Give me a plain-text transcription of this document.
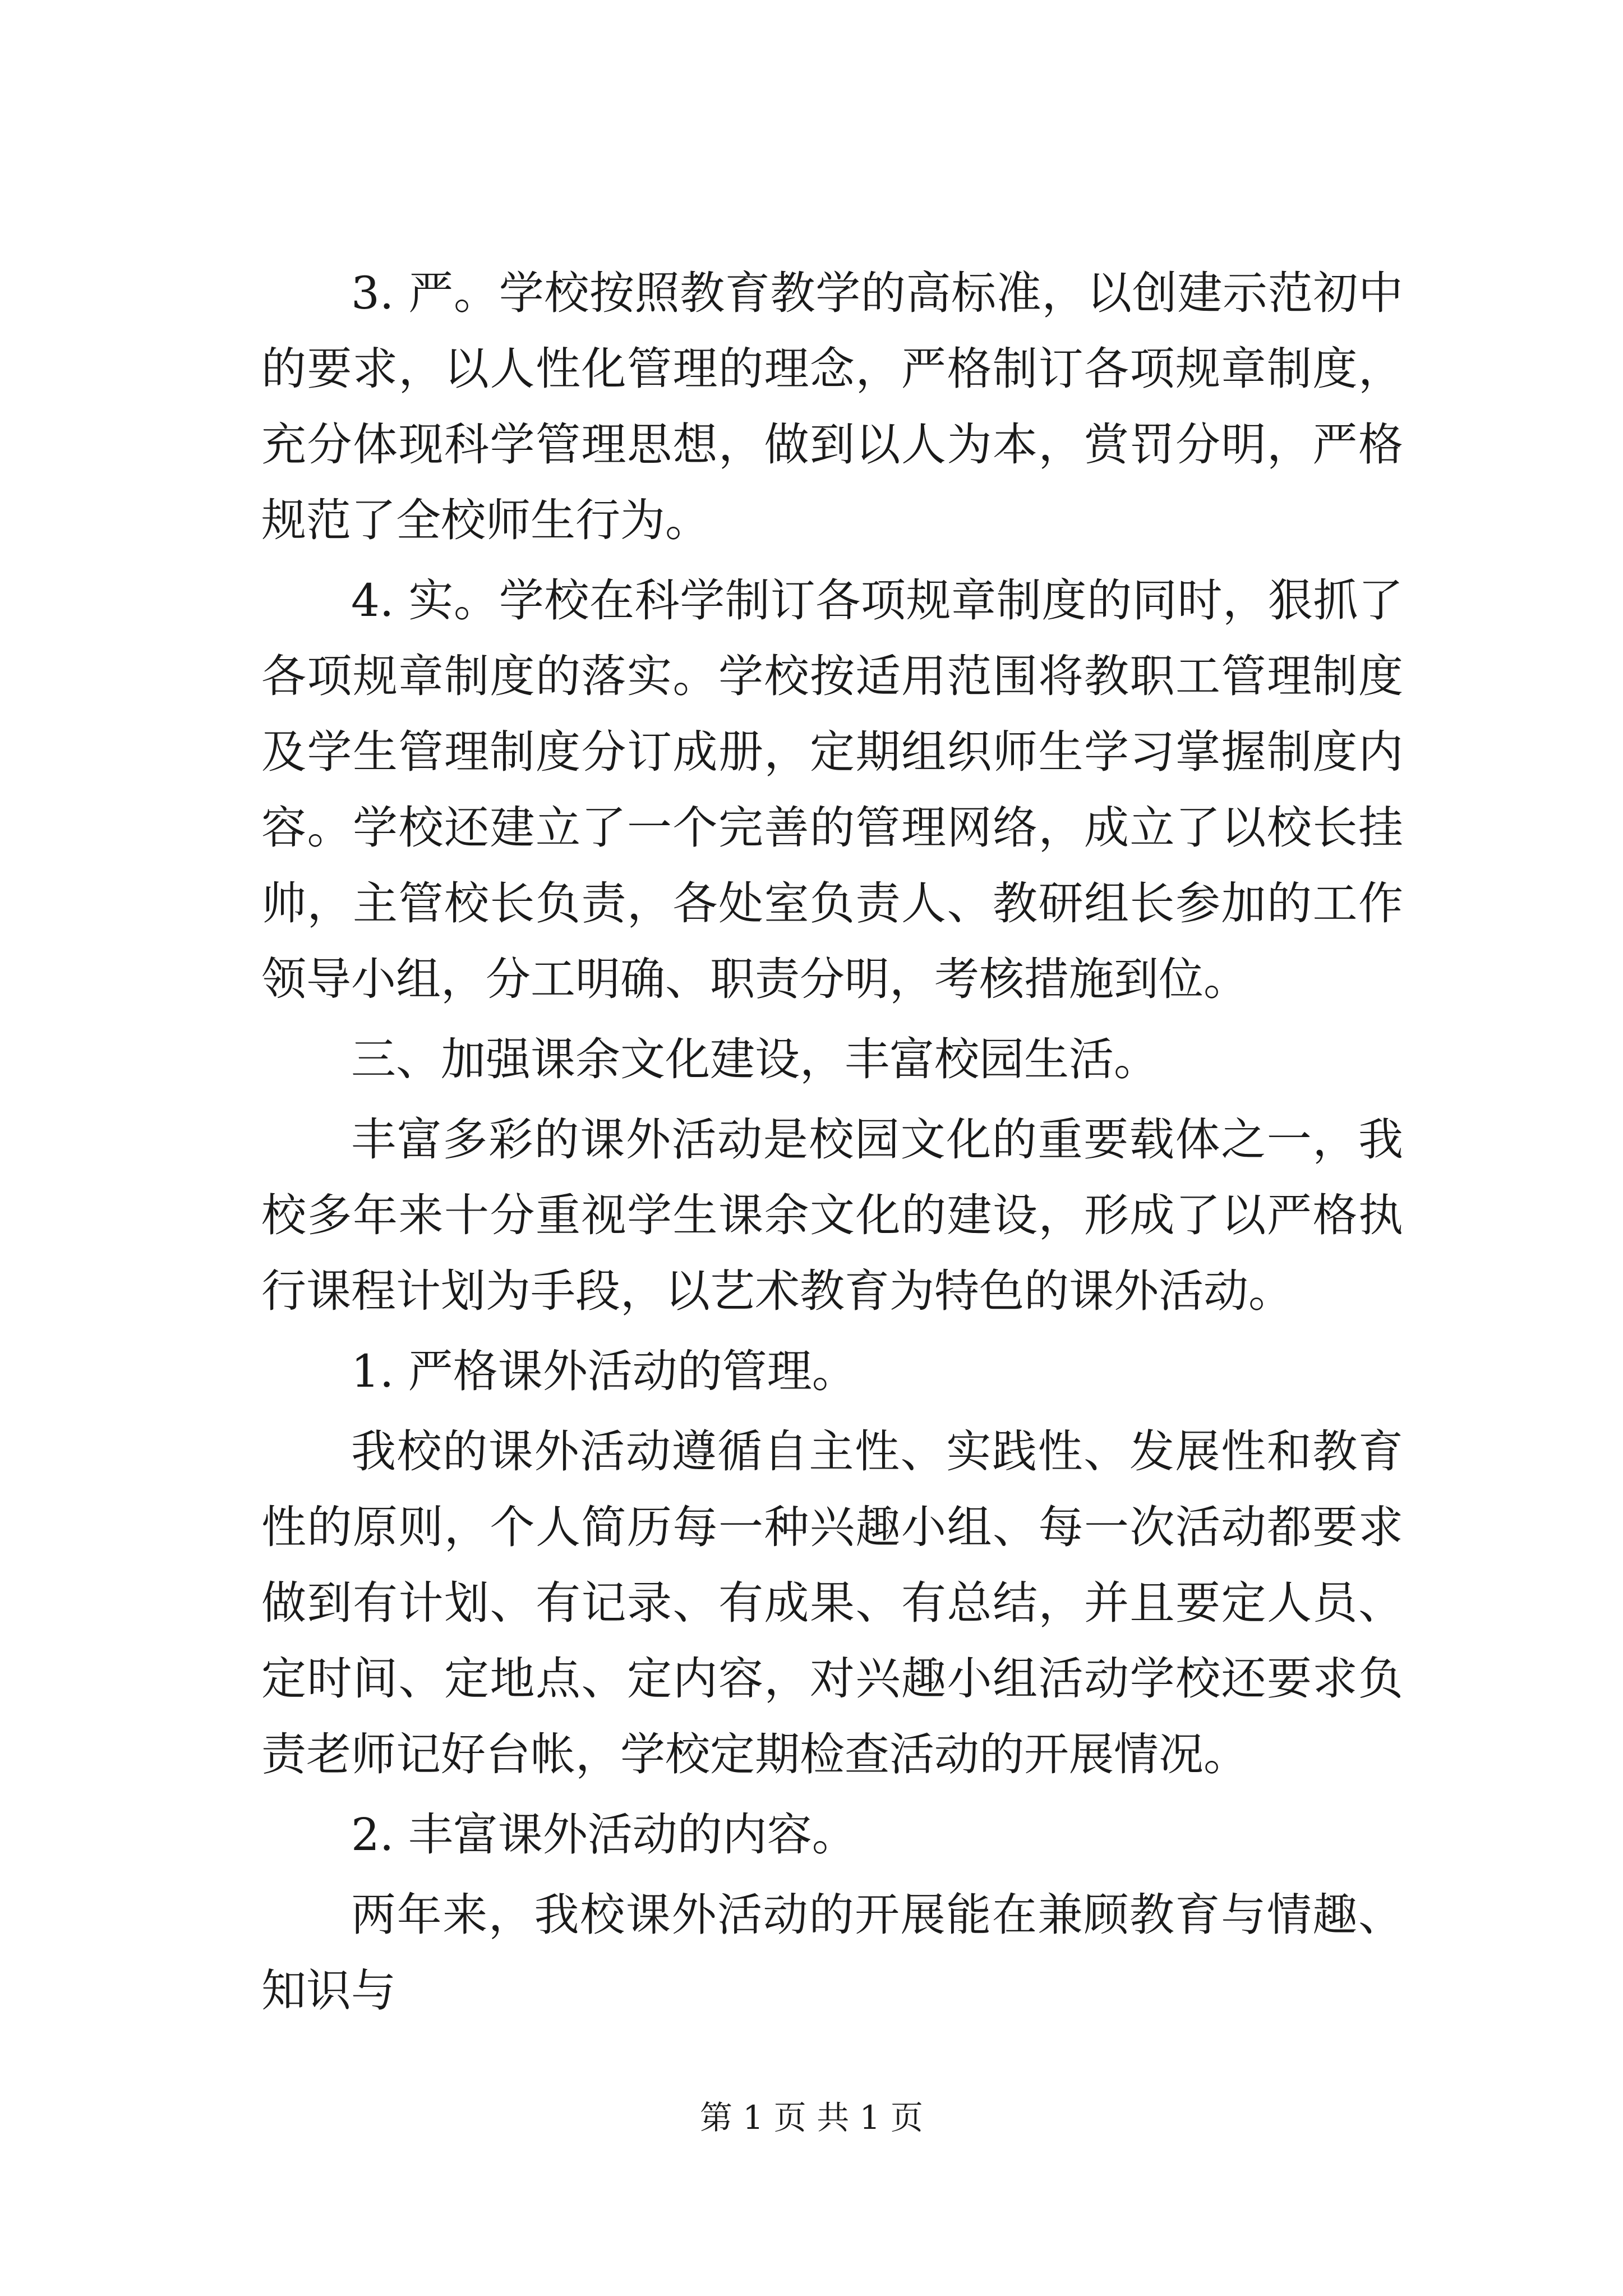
3. 严。学校按照教育教学的高标准，以创建示范初中的要求，以人性化管理的理念，严格制订各项规章制度，充分体现科学管理思想，做到以人为本，赏罚分明，严格规范了全校师生行为。

4. 实。学校在科学制订各项规章制度的同时，狠抓了各项规章制度的落实。学校按适用范围将教职工管理制度及学生管理制度分订成册，定期组织师生学习掌握制度内容。学校还建立了一个完善的管理网络，成立了以校长挂帅，主管校长负责，各处室负责人、教研组长参加的工作领导小组，分工明确、职责分明，考核措施到位。

三、加强课余文化建设，丰富校园生活。

丰富多彩的课外活动是校园文化的重要载体之一，我校多年来十分重视学生课余文化的建设，形成了以严格执行课程计划为手段，以艺术教育为特色的课外活动。

1. 严格课外活动的管理。

我校的课外活动遵循自主性、实践性、发展性和教育性的原则，个人简历每一种兴趣小组、每一次活动都要求做到有计划、有记录、有成果、有总结，并且要定人员、定时间、定地点、定内容，对兴趣小组活动学校还要求负责老师记好台帐，学校定期检查活动的开展情况。

2. 丰富课外活动的内容。

两年来，我校课外活动的开展能在兼顾教育与情趣、知识与

第 1 页 共 1 页
